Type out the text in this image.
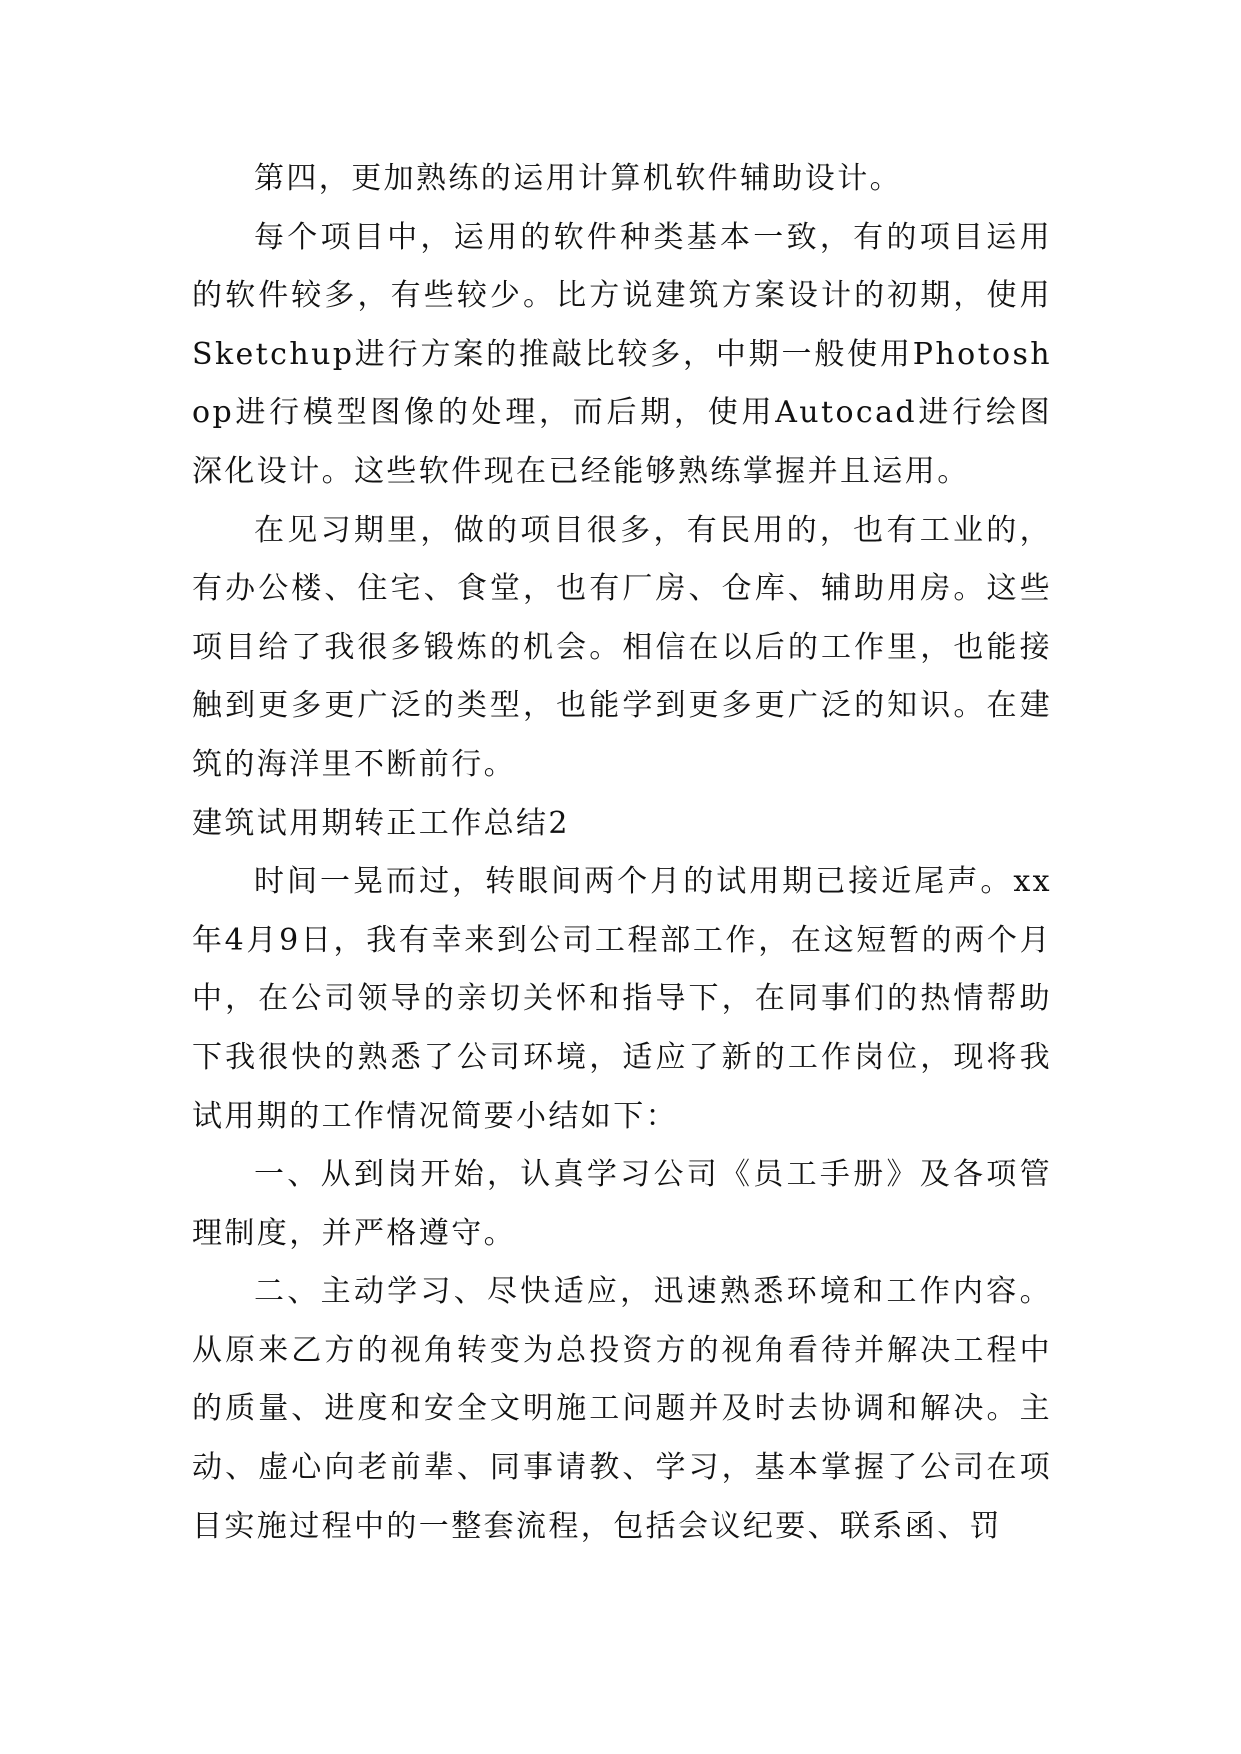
第四，更加熟练的运用计算机软件辅助设计。

每个项目中，运用的软件种类基本一致，有的项目运用的软件较多，有些较少。比方说建筑方案设计的初期，使用Sketchup进行方案的推敲比较多，中期一般使用Photoshop进行模型图像的处理，而后期，使用Autocad进行绘图深化设计。这些软件现在已经能够熟练掌握并且运用。

在见习期里，做的项目很多，有民用的，也有工业的，有办公楼、住宅、食堂，也有厂房、仓库、辅助用房。这些项目给了我很多锻炼的机会。相信在以后的工作里，也能接触到更多更广泛的类型，也能学到更多更广泛的知识。在建筑的海洋里不断前行。

建筑试用期转正工作总结2

时间一晃而过，转眼间两个月的试用期已接近尾声。xx年4月9日，我有幸来到公司工程部工作，在这短暂的两个月中，在公司领导的亲切关怀和指导下，在同事们的热情帮助下我很快的熟悉了公司环境，适应了新的工作岗位，现将我试用期的工作情况简要小结如下：

一、从到岗开始，认真学习公司《员工手册》及各项管理制度，并严格遵守。

二、主动学习、尽快适应，迅速熟悉环境和工作内容。从原来乙方的视角转变为总投资方的视角看待并解决工程中的质量、进度和安全文明施工问题并及时去协调和解决。主动、虚心向老前辈、同事请教、学习，基本掌握了公司在项目实施过程中的一整套流程，包括会议纪要、联系函、罚
